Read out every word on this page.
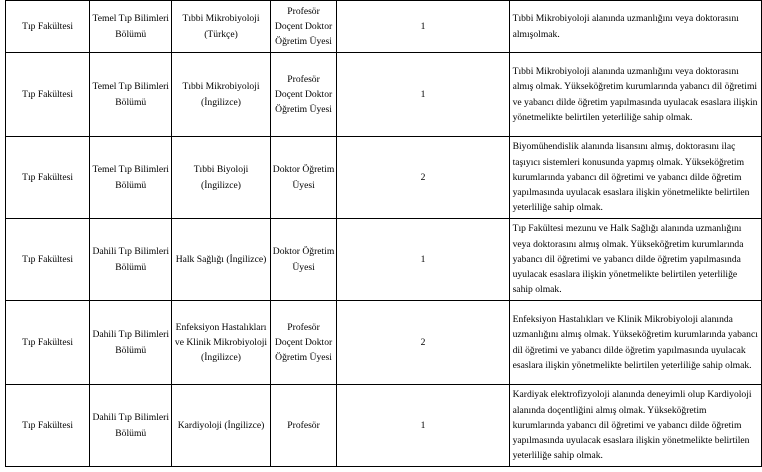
Tıp Fakültesi	Temel Tıp Bilimleri Bölümü	Tıbbi Mikrobiyoloji (Türkçe)	Profesör Doçent Doktor Öğretim Üyesi	1	Tıbbi Mikrobiyoloji alanında uzmanlığını veya doktorasını almışolmak.
Tıp Fakültesi	Temel Tıp Bilimleri Bölümü	Tıbbi Mikrobiyoloji (İngilizce)	Profesör Doçent Doktor Öğretim Üyesi	1	Tıbbi Mikrobiyoloji alanında uzmanlığını veya doktorasını almış olmak. Yükseköğretim kurumlarında yabancı dil öğretimi ve yabancı dilde öğretim yapılmasında uyulacak esaslara ilişkin yönetmelikte belirtilen yeterliliğe sahip olmak.
Tıp Fakültesi	Temel Tıp Bilimleri Bölümü	Tıbbi Biyoloji (İngilizce)	Doktor Öğretim Üyesi	2	Biyomühendislik alanında lisansını almış, doktorasını ilaç taşıyıcı sistemleri konusunda yapmış olmak. Yükseköğretim kurumlarında yabancı dil öğretimi ve yabancı dilde öğretim yapılmasında uyulacak esaslara ilişkin yönetmelikte belirtilen yeterliliğe sahip olmak.
Tıp Fakültesi	Dahili Tıp Bilimleri Bölümü	Halk Sağlığı (İngilizce)	Doktor Öğretim Üyesi	1	Tıp Fakültesi mezunu ve Halk Sağlığı alanında uzmanlığını veya doktorasını almış olmak. Yükseköğretim kurumlarında yabancı dil öğretimi ve yabancı dilde öğretim yapılmasında uyulacak esaslara ilişkin yönetmelikte belirtilen yeterliliğe sahip olmak.
Tıp Fakültesi	Dahili Tıp Bilimleri Bölümü	Enfeksiyon Hastalıkları ve Klinik Mikrobiyoloji (İngilizce)	Profesör Doçent Doktor Öğretim Üyesi	2	Enfeksiyon Hastalıkları ve Klinik Mikrobiyoloji alanında uzmanlığını almış olmak. Yükseköğretim kurumlarında yabancı dil öğretimi ve yabancı dilde öğretim yapılmasında uyulacak esaslara ilişkin yönetmelikte belirtilen yeterliliğe sahip olmak.
Tıp Fakültesi	Dahili Tıp Bilimleri Bölümü	Kardiyoloji (İngilizce)	Profesör	1	Kardiyak elektrofizyoloji alanında deneyimli olup Kardiyoloji alanında doçentliğini almış olmak. Yükseköğretim kurumlarında yabancı dil öğretimi ve yabancı dilde öğretim yapılmasında uyulacak esaslara ilişkin yönetmelikte belirtilen yeterliliğe sahip olmak.
